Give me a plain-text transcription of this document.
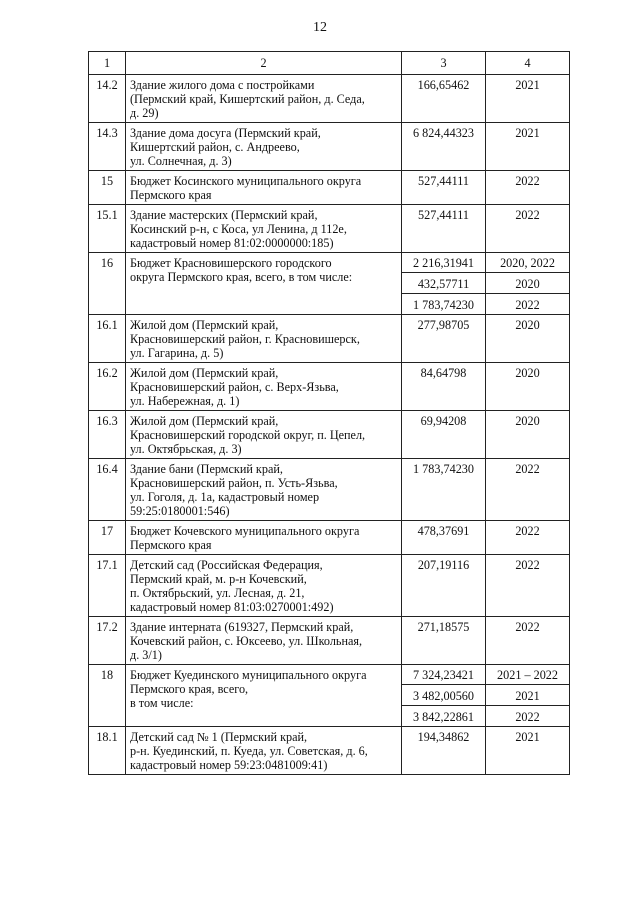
12
1	2	3	4
14.2	Здание жилого дома с постройками
(Пермский край, Кишертский район, д. Седа,
д. 29)	166,65462	2021
14.3	Здание дома досуга (Пермский край,
Кишертский район, с. Андреево,
ул. Солнечная, д. 3)	6 824,44323	2021
15	Бюджет Косинского муниципального округа
Пермского края	527,44111	2022
15.1	Здание мастерских (Пермский край,
Косинский р-н, с Коса, ул Ленина, д 112е,
кадастровый номер 81:02:0000000:185)	527,44111	2022
16	Бюджет Красновишерского городского
округа Пермского края, всего, в том числе:	2 216,31941	2020, 2022
		432,57711	2020
		1 783,74230	2022
16.1	Жилой дом (Пермский край,
Красновишерский район, г. Красновишерск,
ул. Гагарина, д. 5)	277,98705	2020
16.2	Жилой дом (Пермский край,
Красновишерский район, с. Верх-Язьва,
ул. Набережная, д. 1)	84,64798	2020
16.3	Жилой дом (Пермский край,
Красновишерский городской округ, п. Цепел,
ул. Октябрьская, д. 3)	69,94208	2020
16.4	Здание бани (Пермский край,
Красновишерский район, п. Усть-Язьва,
ул. Гоголя, д. 1а, кадастровый номер
59:25:0180001:546)	1 783,74230	2022
17	Бюджет Кочевского муниципального округа
Пермского края	478,37691	2022
17.1	Детский сад (Российская Федерация,
Пермский край, м. р-н Кочевский,
п. Октябрьский, ул. Лесная, д. 21,
кадастровый номер 81:03:0270001:492)	207,19116	2022
17.2	Здание интерната (619327, Пермский край,
Кочевский район, с. Юксеево, ул. Школьная,
д. 3/1)	271,18575	2022
18	Бюджет Куединского муниципального округа
Пермского края, всего,
в том числе:	7 324,23421	2021 – 2022
		3 482,00560	2021
		3 842,22861	2022
18.1	Детский сад № 1 (Пермский край,
р-н. Куединский, п. Куеда, ул. Советская, д. 6,
кадастровый номер 59:23:0481009:41)	194,34862	2021
